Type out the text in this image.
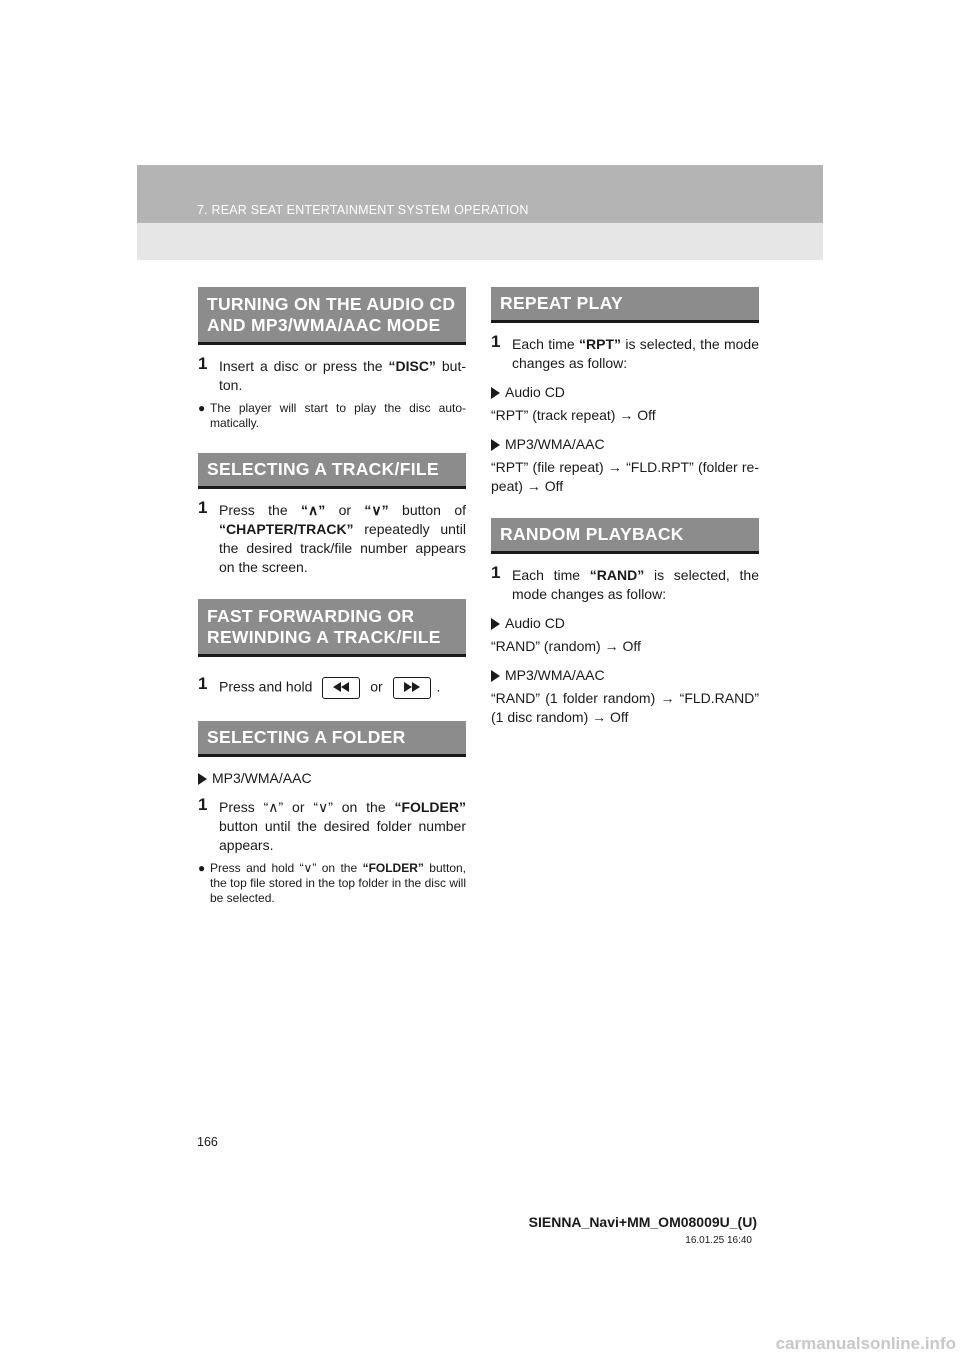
7. REAR SEAT ENTERTAINMENT SYSTEM OPERATION
TURNING ON THE AUDIO CD AND MP3/WMA/AAC MODE
1 Insert a disc or press the “DISC” but-ton.
● The player will start to play the disc auto-matically.
SELECTING A TRACK/FILE
1 Press the “∧” or “∨” button of “CHAPTER/TRACK” repeatedly until the desired track/file number appears on the screen.
FAST FORWARDING OR REWINDING A TRACK/FILE
1 Press and hold	or	.
SELECTING A FOLDER
MP3/WMA/AAC
1 Press “∧” or “∨” on the “FOLDER” button until the desired folder number appears.
● Press and hold “∨” on the “FOLDER” button, the top file stored in the top folder in the disc will be selected.
REPEAT PLAY
1 Each time “RPT” is selected, the mode changes as follow:
Audio CD
“RPT” (track repeat) → Off
MP3/WMA/AAC
“RPT” (file repeat) → “FLD.RPT” (folder re-peat) → Off
RANDOM PLAYBACK
1 Each time “RAND” is selected, the mode changes as follow:
Audio CD
“RAND” (random) → Off
MP3/WMA/AAC
“RAND” (1 folder random) → “FLD.RAND” (1 disc random) → Off
166
SIENNA_Navi+MM_OM08009U_(U)
16.01.25 16:40
carmanualsonline.info
